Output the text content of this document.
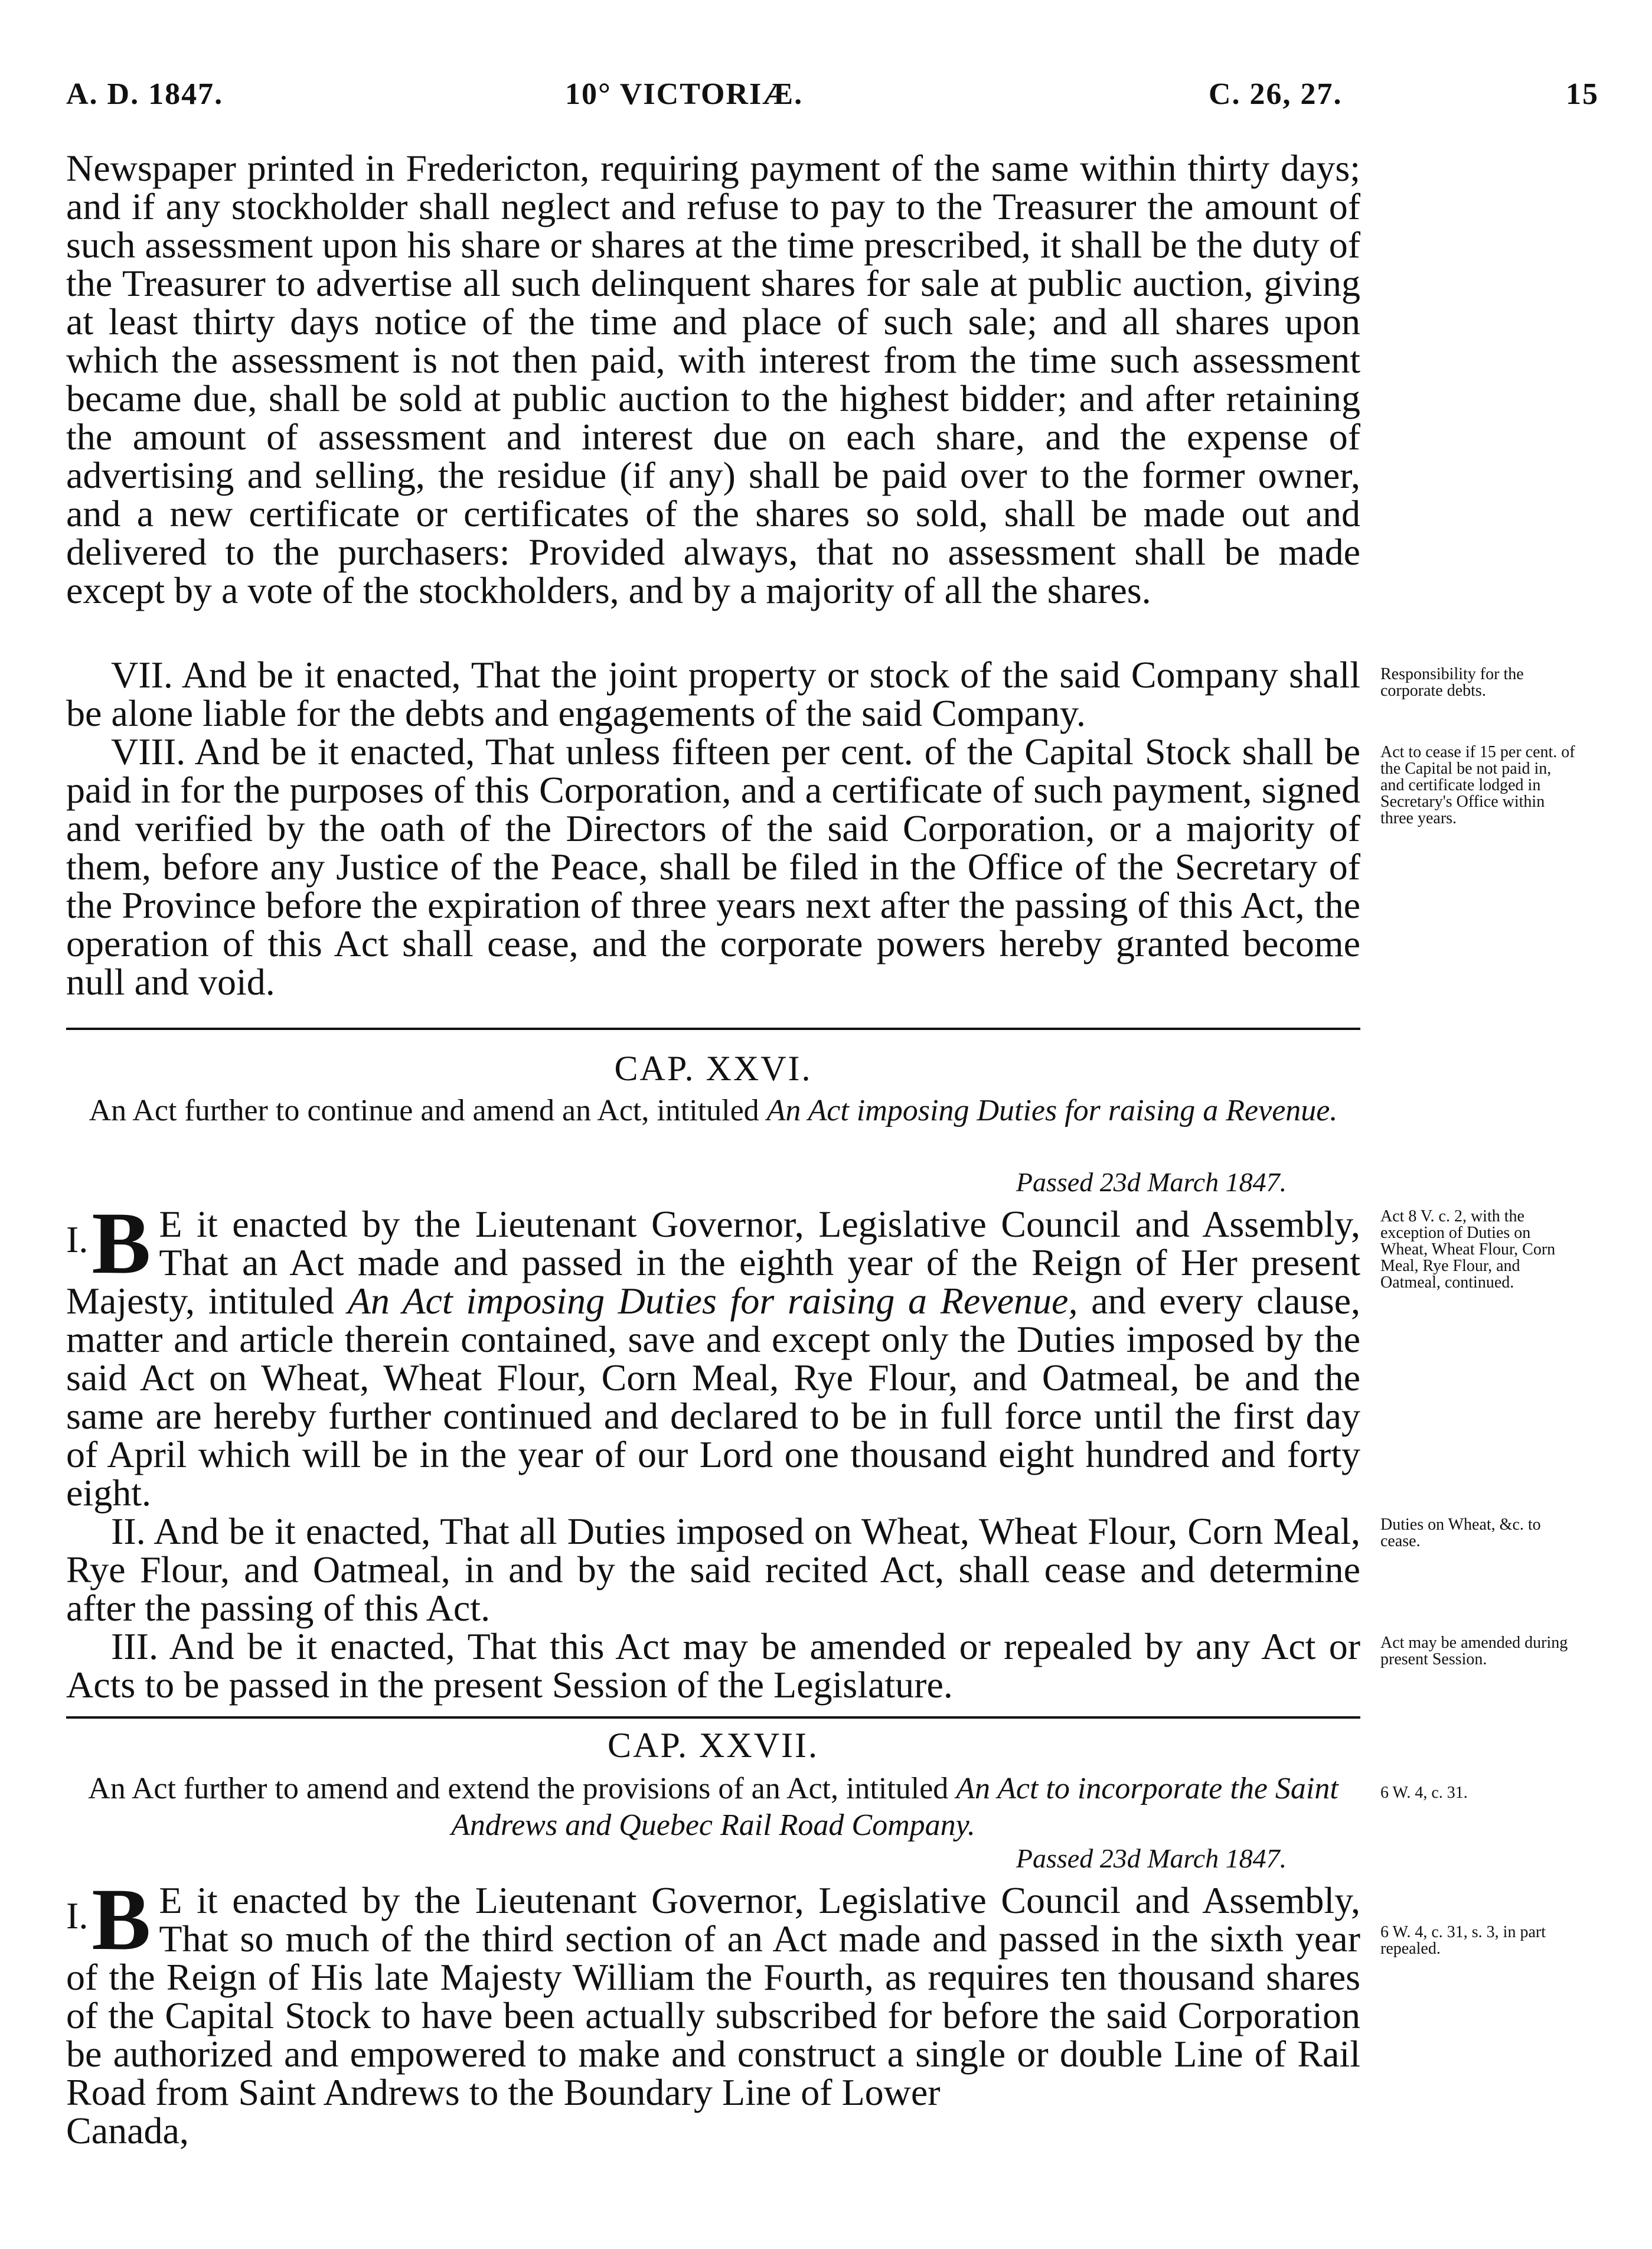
A. D. 1847.	10° VICTORIÆ.	C. 26, 27.	15

Newspaper printed in Fredericton, requiring payment of the same within thirty days; and if any stockholder shall neglect and refuse to pay to the Treasurer the amount of such assessment upon his share or shares at the time prescribed, it shall be the duty of the Treasurer to advertise all such delinquent shares for sale at public auction, giving at least thirty days notice of the time and place of such sale; and all shares upon which the assessment is not then paid, with interest from the time such assessment became due, shall be sold at public auction to the highest bidder; and after retaining the amount of assessment and interest due on each share, and the expense of advertising and selling, the residue (if any) shall be paid over to the former owner, and a new certificate or certificates of the shares so sold, shall be made out and delivered to the purchasers: Provided always, that no assessment shall be made except by a vote of the stockholders, and by a majority of all the shares.

VII. And be it enacted, That the joint property or stock of the said Company shall be alone liable for the debts and engagements of the said Company.

Responsibility for the corporate debts.

VIII. And be it enacted, That unless fifteen per cent. of the Capital Stock shall be paid in for the purposes of this Corporation, and a certificate of such payment, signed and verified by the oath of the Directors of the said Corporation, or a majority of them, before any Justice of the Peace, shall be filed in the Office of the Secretary of the Province before the expiration of three years next after the passing of this Act, the operation of this Act shall cease, and the corporate powers hereby granted become null and void.

Act to cease if 15 per cent. of the Capital be not paid in, and certificate lodged in Secretary's Office within three years.
CAP. XXVI.
An Act further to continue and amend an Act, intituled An Act imposing Duties for raising a Revenue.
Passed 23d March 1847.

I. B E it enacted by the Lieutenant Governor, Legislative Council and Assembly, That an Act made and passed in the eighth year of the Reign of Her present Majesty, intituled An Act imposing Duties for raising a Revenue, and every clause, matter and article therein contained, save and except only the Duties imposed by the said Act on Wheat, Wheat Flour, Corn Meal, Rye Flour, and Oatmeal, be and the same are hereby further continued and declared to be in full force until the first day of April which will be in the year of our Lord one thousand eight hundred and forty eight.

Act 8 V. c. 2, with the exception of Duties on Wheat, Wheat Flour, Corn Meal, Rye Flour, and Oatmeal, continued.

II. And be it enacted, That all Duties imposed on Wheat, Wheat Flour, Corn Meal, Rye Flour, and Oatmeal, in and by the said recited Act, shall cease and determine after the passing of this Act.

Duties on Wheat, &c. to cease.

III. And be it enacted, That this Act may be amended or repealed by any Act or Acts to be passed in the present Session of the Legislature.

Act may be amended during present Session.
CAP. XXVII.
An Act further to amend and extend the provisions of an Act, intituled An Act to incorporate the Saint Andrews and Quebec Rail Road Company.
6 W. 4, c. 31.
Passed 23d March 1847.

I. B E it enacted by the Lieutenant Governor, Legislative Council and Assembly, That so much of the third section of an Act made and passed in the sixth year of the Reign of His late Majesty William the Fourth, as requires ten thousand shares of the Capital Stock to have been actually subscribed for before the said Corporation be authorized and empowered to make and construct a single or double Line of Rail Road from Saint Andrews to the Boundary Line of Lower

Canada,

6 W. 4, c. 31, s. 3, in part repealed.
